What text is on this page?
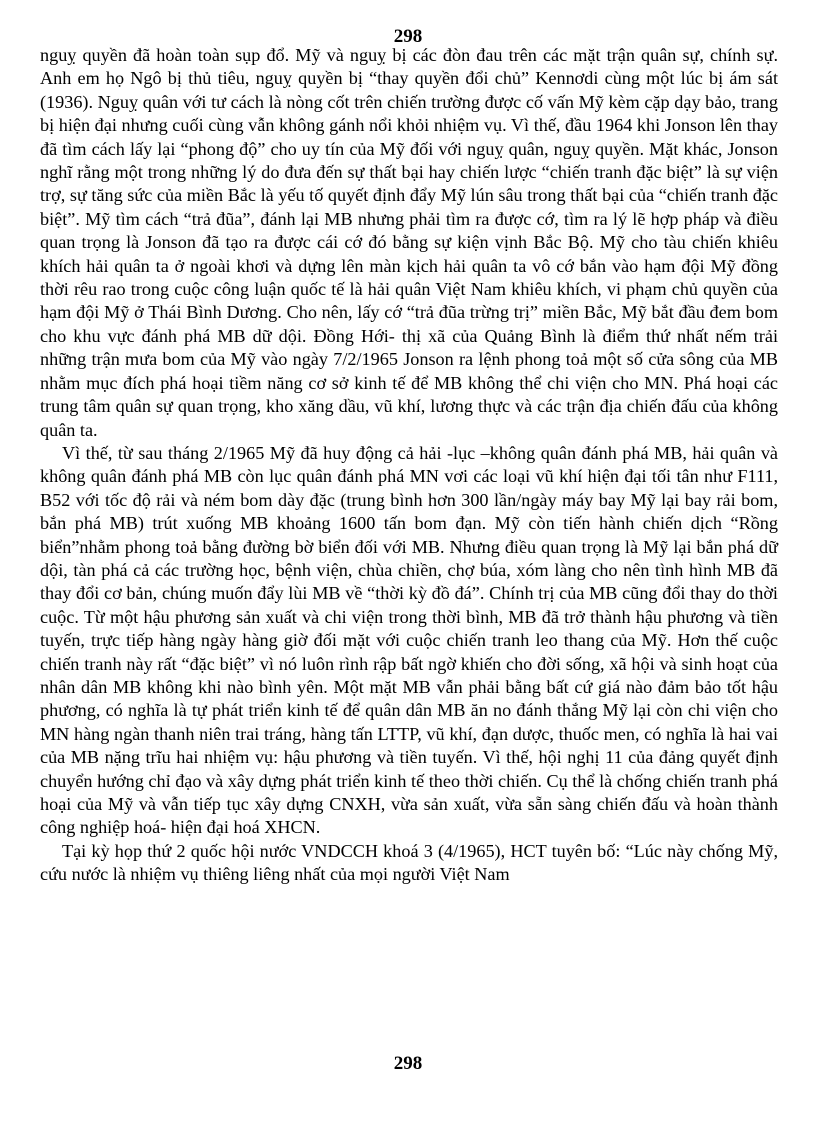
298

nguỵ quyền đã hoàn toàn sụp đổ. Mỹ và nguỵ bị các đòn đau trên các mặt trận quân sự, chính sự. Anh em họ Ngô bị thủ tiêu, nguỵ quyền bị “thay quyền đổi chủ” Kennơdi cùng một lúc bị ám sát (1936). Nguỵ quân với tư cách là nòng cốt trên chiến trường được cố vấn Mỹ kèm cặp dạy bảo, trang bị hiện đại nhưng cuối cùng vẫn không gánh nổi khỏi nhiệm vụ. Vì thế, đầu 1964 khi Jonson lên thay đã tìm cách lấy lại “phong độ” cho uy tín của Mỹ đối với nguỵ quân, nguỵ quyền. Mặt khác, Jonson nghĩ rằng một trong những lý do đưa đến sự thất bại hay chiến lược “chiến tranh đặc biệt” là sự viện trợ, sự tăng sức của miền Bắc là yếu tố quyết định đẩy Mỹ lún sâu trong thất bại của “chiến tranh đặc biệt”. Mỹ tìm cách “trả đũa”, đánh lại MB nhưng phải tìm ra được cớ, tìm ra lý lẽ hợp pháp và điều quan trọng là Jonson đã tạo ra được cái cớ đó bằng sự kiện vịnh Bắc Bộ. Mỹ cho tàu chiến khiêu khích hải quân ta ở ngoài khơi và dựng lên màn kịch hải quân ta vô cớ bắn vào hạm đội Mỹ đồng thời rêu rao trong cuộc công luận quốc tế là hải quân Việt Nam khiêu khích, vi phạm chủ quyền của hạm đội Mỹ ở Thái Bình Dương. Cho nên, lấy cớ “trả đũa trừng trị” miền Bắc, Mỹ bắt đầu đem bom cho khu vực đánh phá MB dữ dội. Đồng Hới- thị xã của Quảng Bình là điểm thứ nhất nếm trải những trận mưa bom của Mỹ vào ngày 7/2/1965 Jonson ra lệnh phong toả một số cửa sông của MB nhằm mục đích phá hoại tiềm năng cơ sở kinh tế để MB không thể chi viện cho MN. Phá hoại các trung tâm quân sự quan trọng, kho xăng dầu, vũ khí, lương thực và các trận địa chiến đấu của không quân ta.

Vì thế, từ sau tháng 2/1965 Mỹ đã huy động cả hải -lục –không quân đánh phá MB, hải quân và không quân đánh phá MB còn lục quân đánh phá MN vơi các loại vũ khí hiện đại tối tân như F111, B52 với tốc độ rải và ném bom dày đặc (trung bình hơn 300 lần/ngày máy bay Mỹ lại bay rải bom, bắn phá MB) trút xuống MB khoảng 1600 tấn bom đạn. Mỹ còn tiến hành chiến dịch “Rồng biển”nhằm phong toả bằng đường bờ biển đối với MB. Nhưng điều quan trọng là Mỹ lại bắn phá dữ dội, tàn phá cả các trường học, bệnh viện, chùa chiền, chợ búa, xóm làng cho nên tình hình MB đã thay đổi cơ bản, chúng muốn đẩy lùi MB về “thời kỳ đồ đá”. Chính trị của MB cũng đổi thay do thời cuộc. Từ một hậu phương sản xuất và chi viện trong thời bình, MB đã trở thành hậu phương và tiền tuyến, trực tiếp hàng ngày hàng giờ đối mặt với cuộc chiến tranh leo thang của Mỹ. Hơn thế cuộc chiến tranh này rất “đặc biệt” vì nó luôn rình rập bất ngờ khiến cho đời sống, xã hội và sinh hoạt của nhân dân MB không khi nào bình yên. Một mặt MB vẫn phải bằng bất cứ giá nào đảm bảo tốt hậu phương, có nghĩa là tự phát triển kinh tế để quân dân MB ăn no đánh thắng Mỹ lại còn chi viện cho MN hàng ngàn thanh niên trai tráng, hàng tấn LTTP, vũ khí, đạn dược, thuốc men, có nghĩa là hai vai của MB nặng trĩu hai nhiệm vụ: hậu phương và tiền tuyến. Vì thế, hội nghị 11 của đảng quyết định chuyển hướng chỉ đạo và xây dựng phát triển kinh tế theo thời chiến. Cụ thể là chống chiến tranh phá hoại của Mỹ và vẫn tiếp tục xây dựng CNXH, vừa sản xuất, vừa sẵn sàng chiến đấu và hoàn thành công nghiệp hoá- hiện đại hoá XHCN.

Tại kỳ họp thứ 2 quốc hội nước VNDCCH khoá 3 (4/1965), HCT tuyên bố: “Lúc này chống Mỹ, cứu nước là nhiệm vụ thiêng liêng nhất của mọi người Việt Nam

298
